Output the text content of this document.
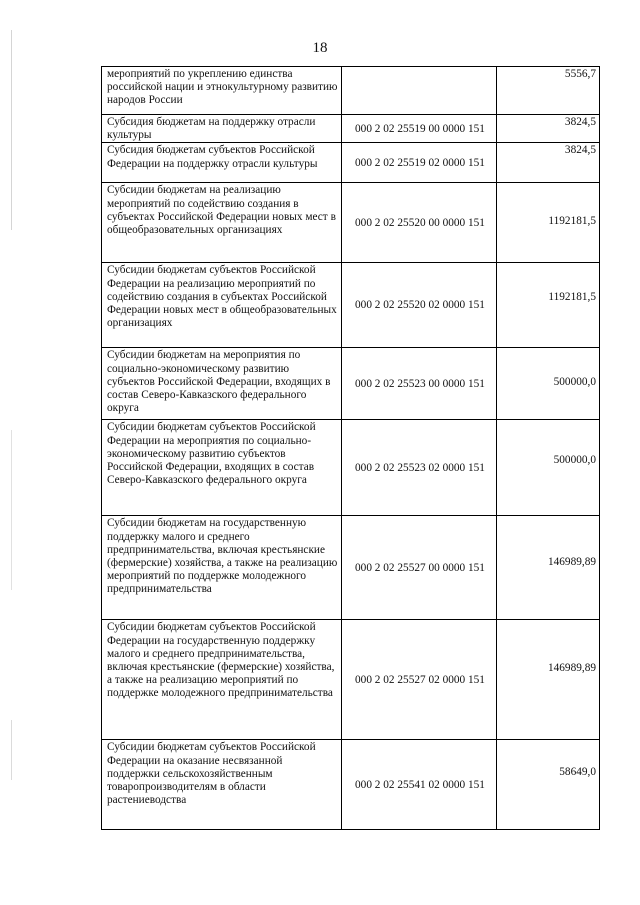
18
мероприятий по укреплению единства российской нации и этнокультурному развитию народов России		5556,7
Субсидия бюджетам на поддержку отрасли культуры	000 2 02 25519 00 0000 151	3824,5
Субсидия бюджетам субъектов Российской Федерации на поддержку отрасли культуры	000 2 02 25519 02 0000 151	3824,5
Субсидии бюджетам на реализацию мероприятий по содействию создания в субъектах Российской Федерации новых мест в общеобразовательных организациях	000 2 02 25520 00 0000 151	1192181,5
Субсидии бюджетам субъектов Российской Федерации на реализацию мероприятий по содействию создания в субъектах Российской Федерации новых мест в общеобразовательных организациях	000 2 02 25520 02 0000 151	1192181,5
Субсидии бюджетам на мероприятия по социально-экономическому развитию субъектов Российской Федерации, входящих в состав Северо-Кавказского федерального округа	000 2 02 25523 00 0000 151	500000,0
Субсидии бюджетам субъектов Российской Федерации на мероприятия по социально-экономическому развитию субъектов Российской Федерации, входящих в состав Северо-Кавказского федерального округа	000 2 02 25523 02 0000 151	500000,0
Субсидии бюджетам на государственную поддержку малого и среднего предпринимательства, включая крестьянские (фермерские) хозяйства, а также на реализацию мероприятий по поддержке молодежного предпринимательства	000 2 02 25527 00 0000 151	146989,89
Субсидии бюджетам субъектов Российской Федерации на государственную поддержку малого и среднего предпринимательства, включая крестьянские (фермерские) хозяйства, а также на реализацию мероприятий по поддержке молодежного предпринимательства	000 2 02 25527 02 0000 151	146989,89
Субсидии бюджетам субъектов Российской Федерации на оказание несвязанной поддержки сельскохозяйственным товаропроизводителям в области растениеводства	000 2 02 25541 02 0000 151	58649,0
